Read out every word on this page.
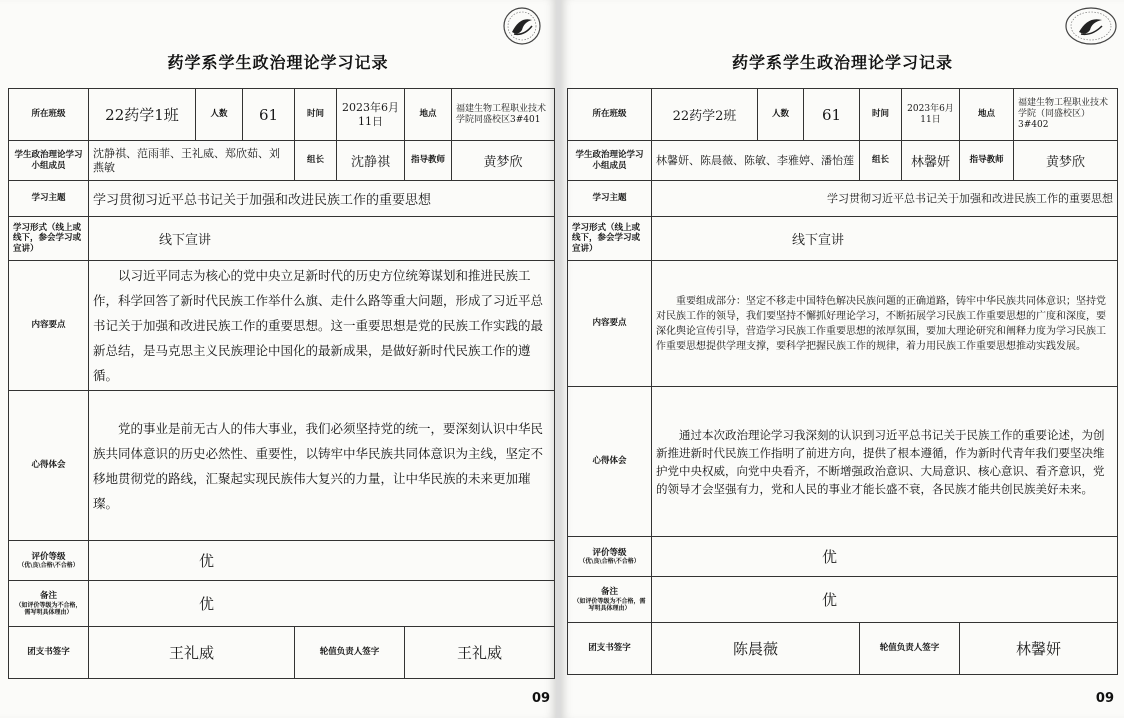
药学系学生政治理论学习记录
所在班级	22药学1班	人数	61	时间	2023年6月11日	地点	福建生物工程职业技术学院同盛校区3#401
学生政治理论学习小组成员	沈静祺、范雨菲、王礼威、郑欣茹、刘燕敏			组长	沈静祺	指导教师	黄梦欣
学习主题	学习贯彻习近平总书记关于加强和改进民族工作的重要思想						
学习形式（线上或线下，参会学习或宣讲）	线下宣讲						
内容要点	以习近平同志为核心的党中央立足新时代的历史方位统筹谋划和推进民族工作，科学回答了新时代民族工作举什么旗、走什么路等重大问题，形成了习近平总书记关于加强和改进民族工作的重要思想。这一重要思想是党的民族工作实践的最新总结，是马克思主义民族理论中国化的最新成果，是做好新时代民族工作的遵循。						
心得体会	党的事业是前无古人的伟大事业，我们必须坚持党的统一，要深刻认识中华民族共同体意识的历史必然性、重要性，以铸牢中华民族共同体意识为主线，坚定不移地贯彻党的路线，汇聚起实现民族伟大复兴的力量，让中华民族的未来更加璀璨。						
评价等级
（优\良\合格\不合格）	优						
备注
（如评价等级为不合格，需写明具体理由）	优						
团支书签字	王礼威			轮值负责人签字		王礼威	
09
药学系学生政治理论学习记录
所在班级	22药学2班	人数	61	时间	2023年6月11日	地点	福建生物工程职业技术学院（同盛校区）3#402
学生政治理论学习小组成员	林馨妍、陈晨薇、陈敏、李雅婷、潘怡莲			组长	林馨妍	指导教师	黄梦欣
学习主题	学习贯彻习近平总书记关于加强和改进民族工作的重要思想						
学习形式（线上或线下，参会学习或宣讲）	线下宣讲						
内容要点	重要组成部分：坚定不移走中国特色解决民族问题的正确道路，铸牢中华民族共同体意识；坚持党对民族工作的领导，我们要坚持不懈抓好理论学习，不断拓展学习民族工作重要思想的广度和深度，要深化舆论宣传引导，营造学习民族工作重要思想的浓厚氛围，要加大理论研究和阐释力度为学习民族工作重要思想提供学理支撑，要科学把握民族工作的规律，着力用民族工作重要思想推动实践发展。						
心得体会	通过本次政治理论学习我深刻的认识到习近平总书记关于民族工作的重要论述，为创新推进新时代民族工作指明了前进方向，提供了根本遵循，作为新时代青年我们要坚决维护党中央权威，向党中央看齐，不断增强政治意识、大局意识、核心意识、看齐意识，党的领导才会坚强有力，党和人民的事业才能长盛不衰，各民族才能共创民族美好未来。						
评价等级
（优\良\合格\不合格）	优						
备注
（如评价等级为不合格，需写明具体理由）	优						
团支书签字	陈晨薇			轮值负责人签字		林馨妍	
09
